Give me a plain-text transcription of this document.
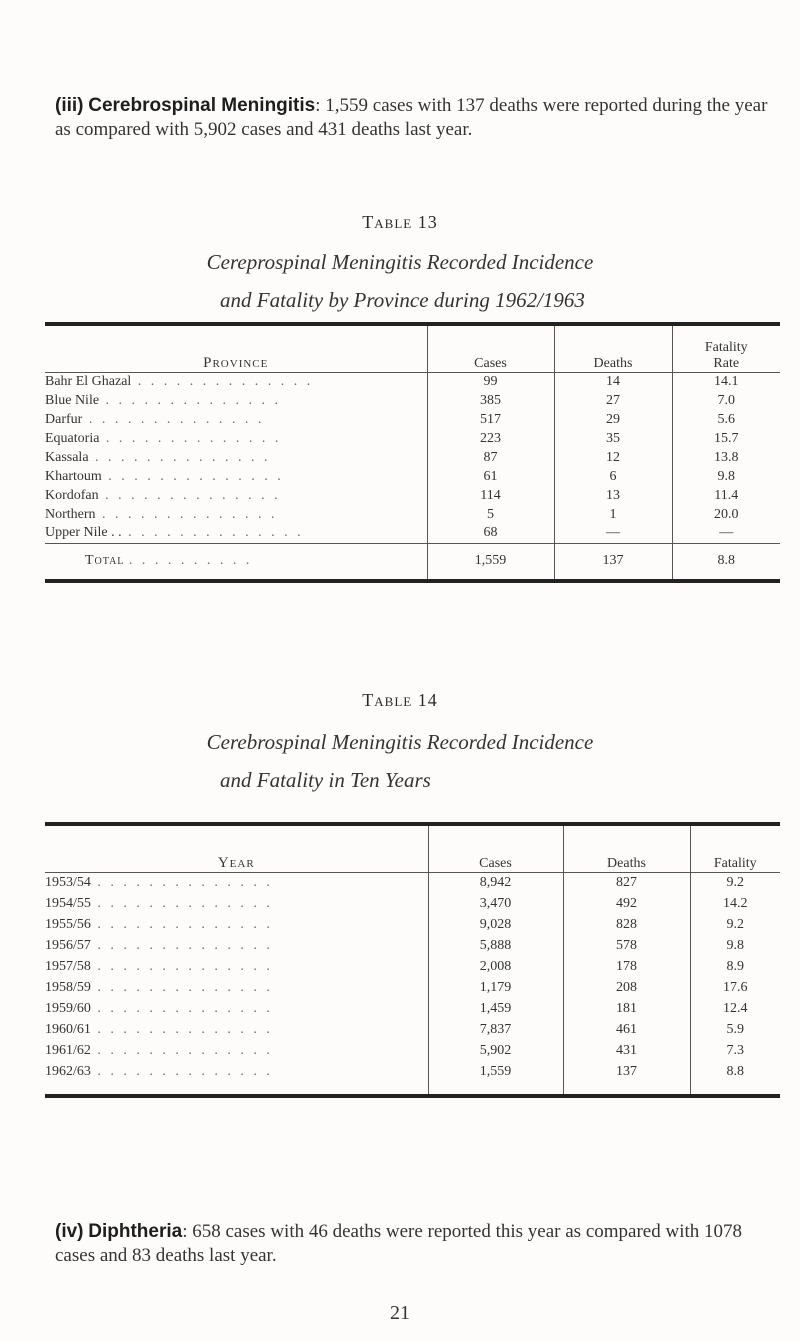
(iii) Cerebrospinal Meningitis: 1,559 cases with 137 deaths were reported during the year as compared with 5,902 cases and 431 deaths last year.
Table 13
Cereprospinal Meningitis Recorded Incidence
and Fatality by Province during 1962/1963

Province	Cases	Deaths	Fatality
Rate

Bahr El Ghazal . . . . . . . . . . . . . .	99	14	14.1
Blue Nile . . . . . . . . . . . . . .	385	27	7.0
Darfur . . . . . . . . . . . . . .	517	29	5.6
Equatoria . . . . . . . . . . . . . .	223	35	15.7
Kassala . . . . . . . . . . . . . .	87	12	13.8
Khartoum . . . . . . . . . . . . . .	61	6	9.8
Kordofan . . . . . . . . . . . . . .	114	13	11.4
Northern . . . . . . . . . . . . . .	5	1	20.0
Upper Nile . . . . . . . . . . . . . . . .	68	—	—
Total . . . . . . . . . .	1,559	137	8.8

Table 14
Cerebrospinal Meningitis Recorded Incidence
and Fatality in Ten Years

Year	Cases	Deaths	Fatality
1953/54 . . . . . . . . . . . . . .	8,942	827	9.2
1954/55 . . . . . . . . . . . . . .	3,470	492	14.2
1955/56 . . . . . . . . . . . . . .	9,028	828	9.2
1956/57 . . . . . . . . . . . . . .	5,888	578	9.8
1957/58 . . . . . . . . . . . . . .	2,008	178	8.9
1958/59 . . . . . . . . . . . . . .	1,179	208	17.6
1959/60 . . . . . . . . . . . . . .	1,459	181	12.4
1960/61 . . . . . . . . . . . . . .	7,837	461	5.9
1961/62 . . . . . . . . . . . . . .	5,902	431	7.3
1962/63 . . . . . . . . . . . . . .	1,559	137	8.8

(iv) Diphtheria: 658 cases with 46 deaths were reported this year as compared with 1078 cases and 83 deaths last year.
21
